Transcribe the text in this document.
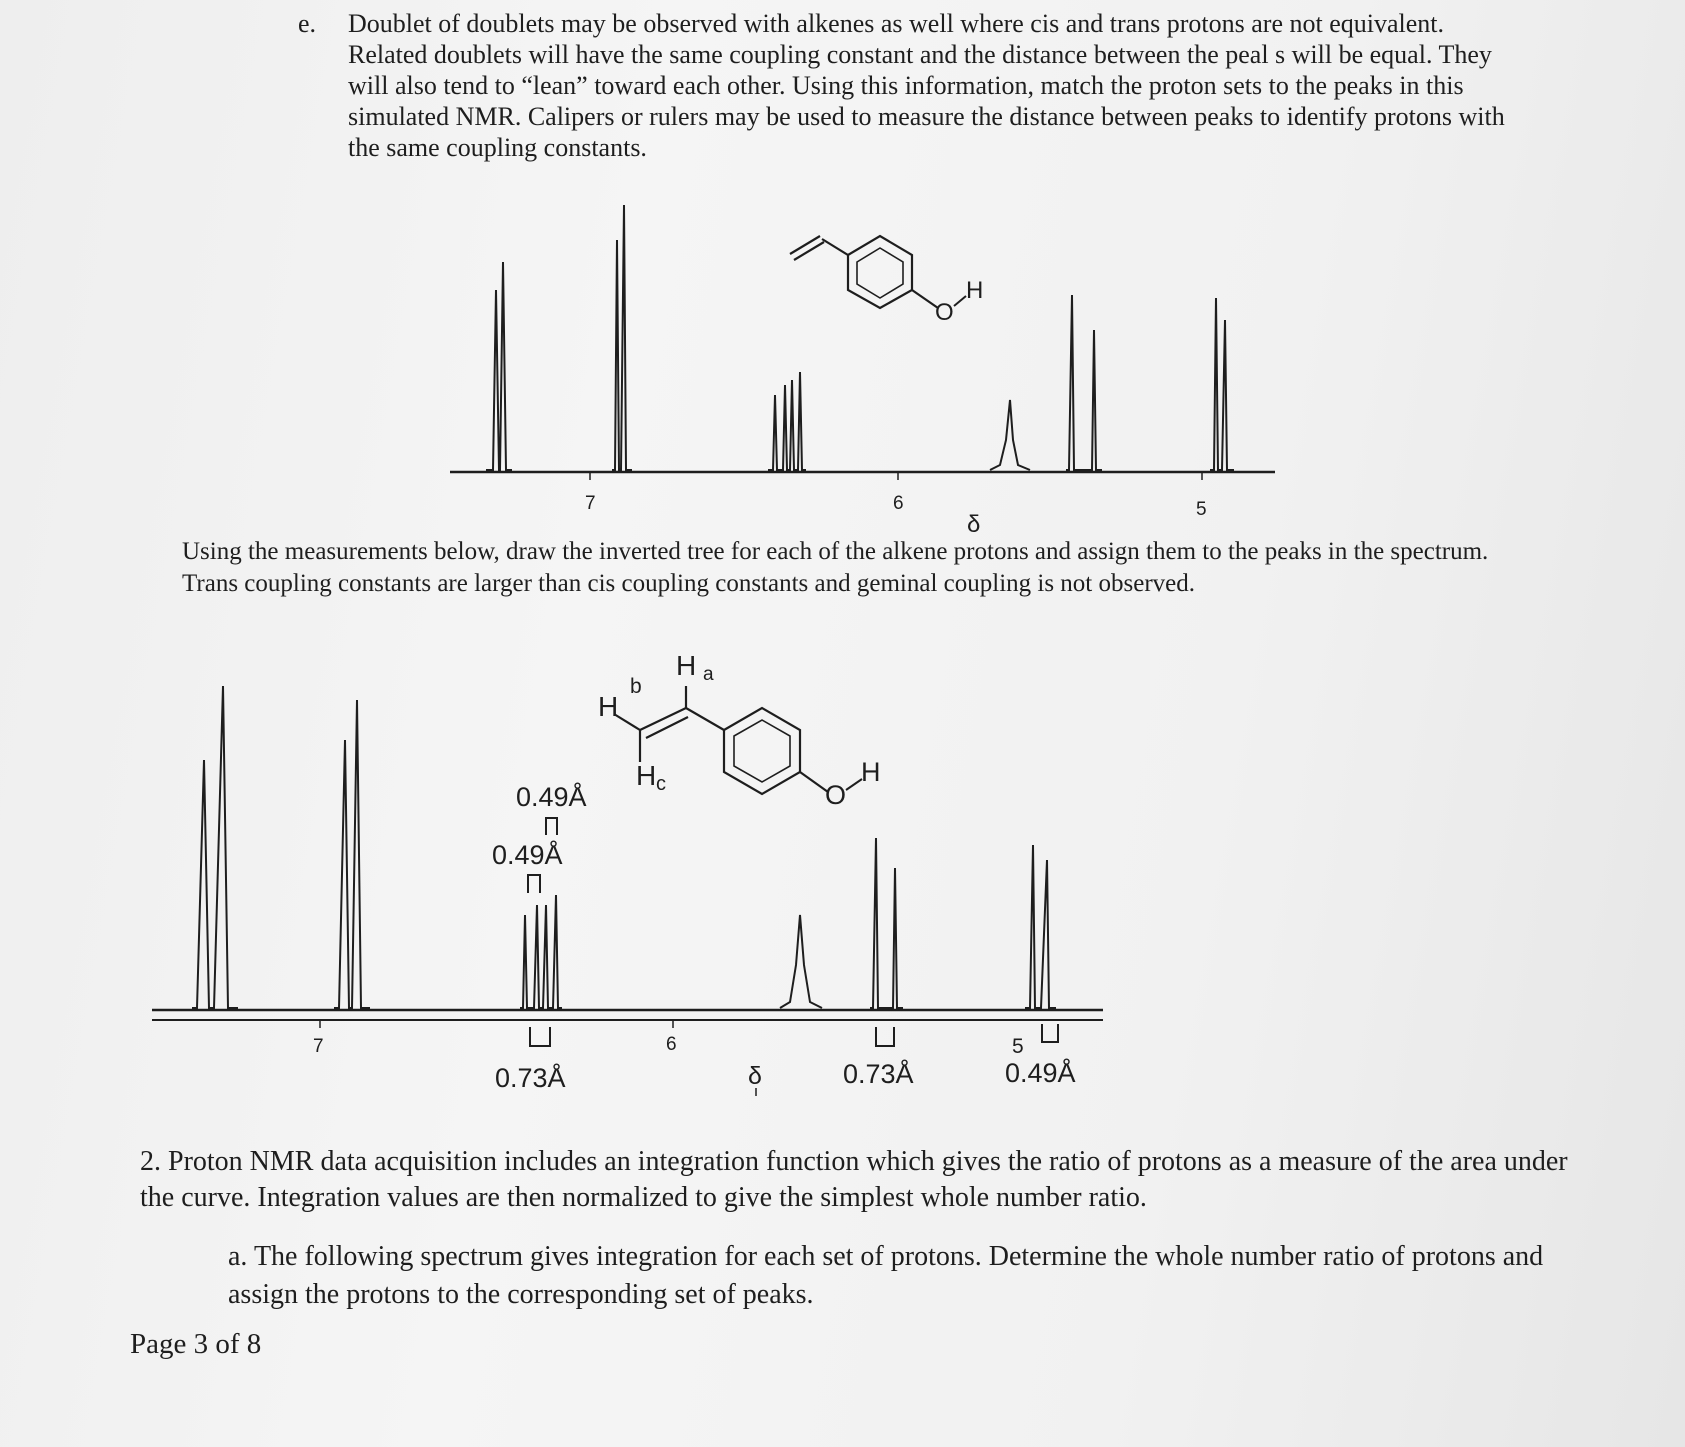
e. Doublet of doublets may be observed with alkenes as well where cis and trans protons are not equivalent. Related doublets will have the same coupling constant and the distance between the peal s will be equal. They will also tend to “lean” toward each other. Using this information, match the proton sets to the peaks in this simulated NMR. Calipers or rulers may be used to measure the distance between peaks to identify protons with the same coupling constants.
7	6	5
δ
O
H
0.49Å
0.49Å
0.73Å	0.73Å	0.49Å
7	6	5
δ
H a
H
b
H c	O
H
Using the measurements below, draw the inverted tree for each of the alkene protons and assign them to the peaks in the spectrum. Trans coupling constants are larger than cis coupling constants and geminal coupling is not observed.
2. Proton NMR data acquisition includes an integration function which gives the ratio of protons as a measure of the area under the curve. Integration values are then normalized to give the simplest whole number ratio.
a. The following spectrum gives integration for each set of protons. Determine the whole number ratio of protons and assign the protons to the corresponding set of peaks.
Page 3 of 8
